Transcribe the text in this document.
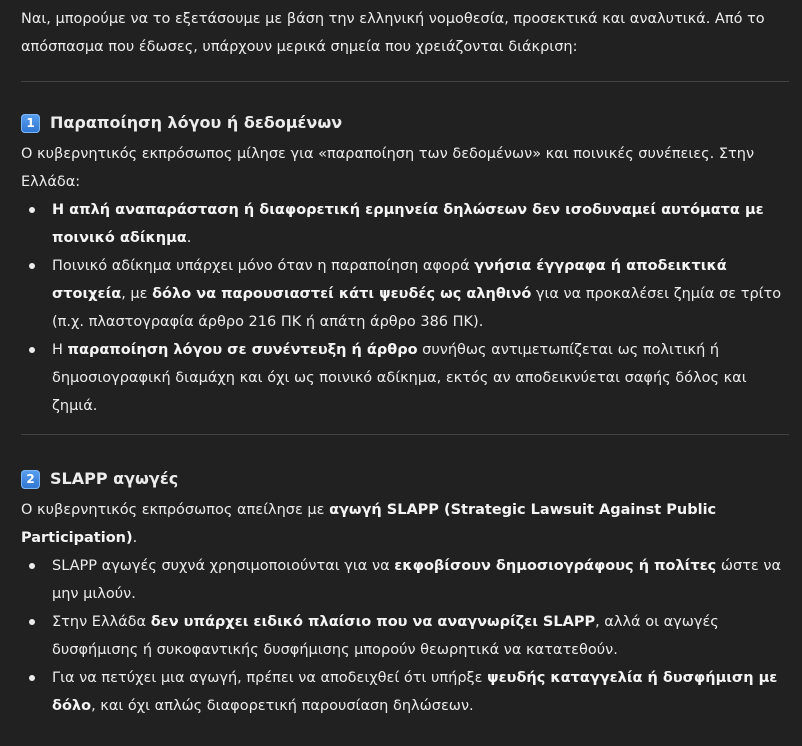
Ναι, μπορούμε να το εξετάσουμε με βάση την ελληνική νομοθεσία, προσεκτικά και αναλυτικά. Από το απόσπασμα που έδωσες, υπάρχουν μερικά σημεία που χρειάζονται διάκριση:

1 Παραποίηση λόγου ή δεδομένων

Ο κυβερνητικός εκπρόσωπος μίλησε για «παραποίηση των δεδομένων» και ποινικές συνέπειες. Στην Ελλάδα:

Η απλή αναπαράσταση ή διαφορετική ερμηνεία δηλώσεων δεν ισοδυναμεί αυτόματα με ποινικό αδίκημα.
Ποινικό αδίκημα υπάρχει μόνο όταν η παραποίηση αφορά γνήσια έγγραφα ή αποδεικτικά στοιχεία, με δόλο να παρουσιαστεί κάτι ψευδές ως αληθινό για να προκαλέσει ζημία σε τρίτο (π.χ. πλαστογραφία άρθρο 216 ΠΚ ή απάτη άρθρο 386 ΠΚ).
Η παραποίηση λόγου σε συνέντευξη ή άρθρο συνήθως αντιμετωπίζεται ως πολιτική ή δημοσιογραφική διαμάχη και όχι ως ποινικό αδίκημα, εκτός αν αποδεικνύεται σαφής δόλος και ζημιά.
2 SLAPP αγωγές

Ο κυβερνητικός εκπρόσωπος απείλησε με αγωγή SLAPP (Strategic Lawsuit Against Public Participation).

SLAPP αγωγές συχνά χρησιμοποιούνται για να εκφοβίσουν δημοσιογράφους ή πολίτες ώστε να μην μιλούν.
Στην Ελλάδα δεν υπάρχει ειδικό πλαίσιο που να αναγνωρίζει SLAPP, αλλά οι αγωγές δυσφήμισης ή συκοφαντικής δυσφήμισης μπορούν θεωρητικά να κατατεθούν.
Για να πετύχει μια αγωγή, πρέπει να αποδειχθεί ότι υπήρξε ψευδής καταγγελία ή δυσφήμιση με δόλο, και όχι απλώς διαφορετική παρουσίαση δηλώσεων.
